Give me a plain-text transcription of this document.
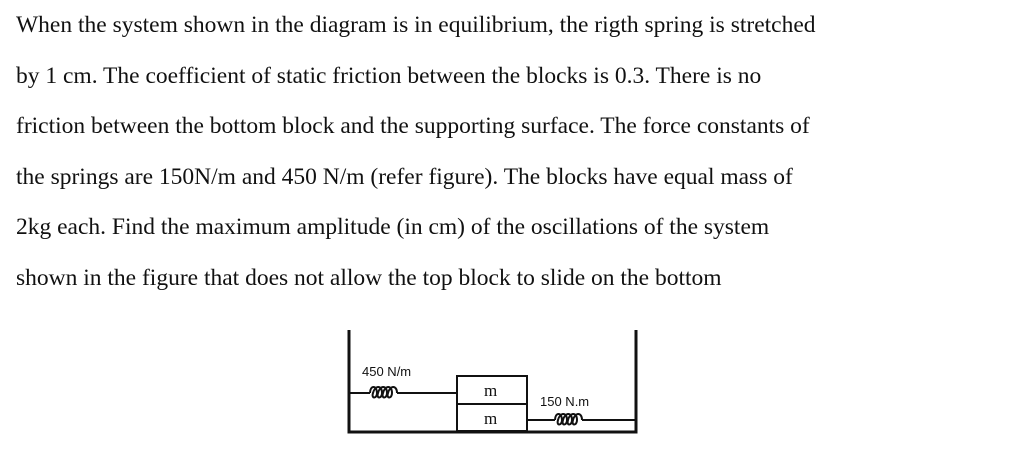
When the system shown in the diagram is in equilibrium, the rigth spring is stretched
by 1 cm. The coefficient of static friction between the blocks is 0.3. There is no
friction between the bottom block and the supporting surface. The force constants of
the springs are 150N/m and 450 N/m (refer figure). The blocks have equal mass of
2kg each. Find the maximum amplitude (in cm) of the oscillations of the system
shown in the figure that does not allow the top block to slide on the bottom
450 N/m
m
m
150 N.m
